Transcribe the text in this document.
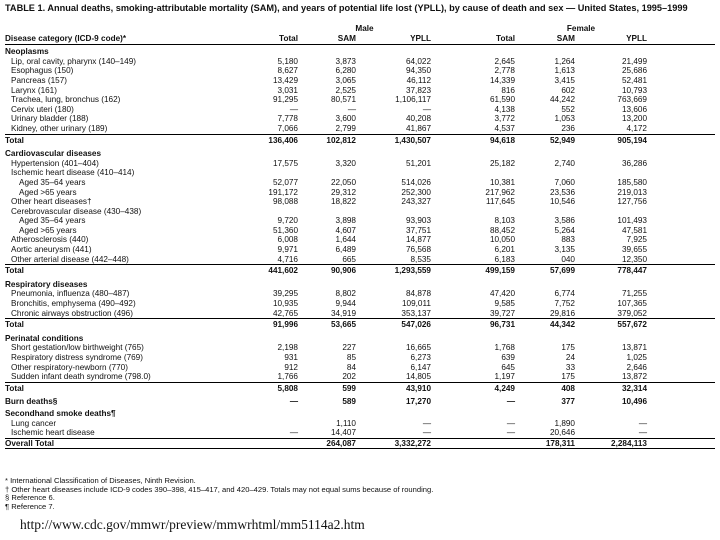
TABLE 1. Annual deaths, smoking-attributable mortality (SAM), and years of potential life lost (YPLL), by cause of death and sex — United States, 1995–1999
		Male			Female		
Disease category (ICD-9 code)*	Total	SAM	YPLL	Total	SAM	YPLL	
Neoplasms							
Lip, oral cavity, pharynx (140–149)	5,180	3,873	64,022	2,645	1,264	21,499	
Esophagus (150)	8,627	6,280	94,350	2,778	1,613	25,686	
Pancreas (157)	13,429	3,065	46,112	14,339	3,415	52,481	
Larynx (161)	3,031	2,525	37,823	816	602	10,793	
Trachea, lung, bronchus (162)	91,295	80,571	1,106,117	61,590	44,242	763,669	
Cervix uteri (180)	—	—	—	4,138	552	13,606	
Urinary bladder (188)	7,778	3,600	40,208	3,772	1,053	13,200	
Kidney, other urinary (189)	7,066	2,799	41,867	4,537	236	4,172	
Total	136,406	102,812	1,430,507	94,618	52,949	905,194	
Cardiovascular diseases							
Hypertension (401–404)	17,575	3,320	51,201	25,182	2,740	36,286	
Ischemic heart disease (410–414)							
Aged 35–64 years	52,077	22,050	514,026	10,381	7,060	185,580	
Aged >65 years	191,172	29,312	252,300	217,962	23,536	219,013	
Other heart diseases†	98,088	18,822	243,327	117,645	10,546	127,756	
Cerebrovascular disease (430–438)							
Aged 35–64 years	9,720	3,898	93,903	8,103	3,586	101,493	
Aged >65 years	51,360	4,607	37,751	88,452	5,264	47,581	
Atherosclerosis (440)	6,008	1,644	14,877	10,050	883	7,925	
Aortic aneurysm (441)	9,971	6,489	76,568	6,201	3,135	39,655	
Other arterial disease (442–448)	4,716	665	8,535	6,183	040	12,350	
Total	441,602	90,906	1,293,559	499,159	57,699	778,447	
Respiratory diseases							
Pneumonia, influenza (480–487)	39,295	8,802	84,878	47,420	6,774	71,255	
Bronchitis, emphysema (490–492)	10,935	9,944	109,011	9,585	7,752	107,365	
Chronic airways obstruction (496)	42,765	34,919	353,137	39,727	29,816	379,052	
Total	91,996	53,665	547,026	96,731	44,342	557,672	
Perinatal conditions							
Short gestation/low birthweight (765)	2,198	227	16,665	1,768	175	13,871	
Respiratory distress syndrome (769)	931	85	6,273	639	24	1,025	
Other respiratory-newborn (770)	912	84	6,147	645	33	2,646	
Sudden infant death syndrome (798.0)	1,766	202	14,805	1,197	175	13,872	
Total	5,808	599	43,910	4,249	408	32,314	
Burn deaths§	—	589	17,270	—	377	10,496	
Secondhand smoke deaths¶							
Lung cancer		1,110	—	—	1,890	—	
Ischemic heart disease	—	14,407	—	—	20,646	—	
Overall Total		264,087	3,332,272		178,311	2,284,113	
* International Classification of Diseases, Ninth Revision.
† Other heart diseases include ICD-9 codes 390–398, 415–417, and 420–429. Totals may not equal sums because of rounding.
§ Reference 6.
¶ Reference 7.
http://www.cdc.gov/mmwr/preview/mmwrhtml/mm5114a2.htm
